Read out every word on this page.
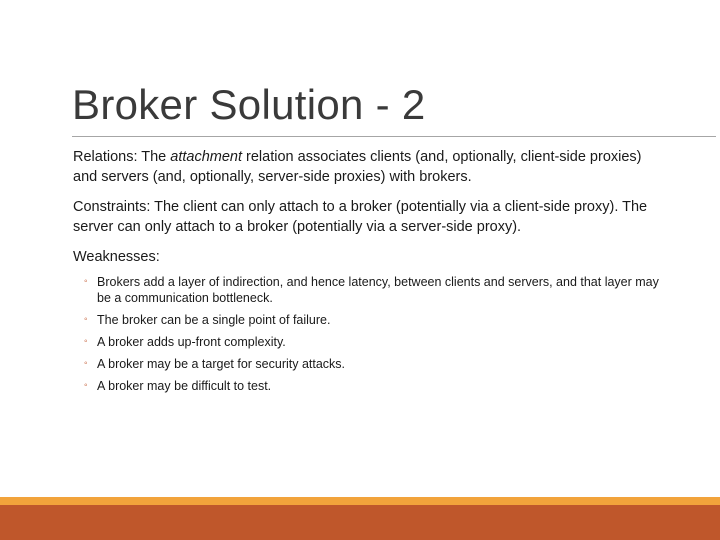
Broker Solution - 2

Relations: The attachment relation associates clients (and, optionally, client-side proxies) and servers (and, optionally, server-side proxies) with brokers.

Constraints: The client can only attach to a broker (potentially via a client-side proxy). The server can only attach to a broker (potentially via a server-side proxy).

Weaknesses:

◦ Brokers add a layer of indirection, and hence latency, between clients and servers, and that layer may be a communication bottleneck.
◦ The broker can be a single point of failure.
◦ A broker adds up-front complexity.
◦ A broker may be a target for security attacks.
◦ A broker may be difficult to test.
